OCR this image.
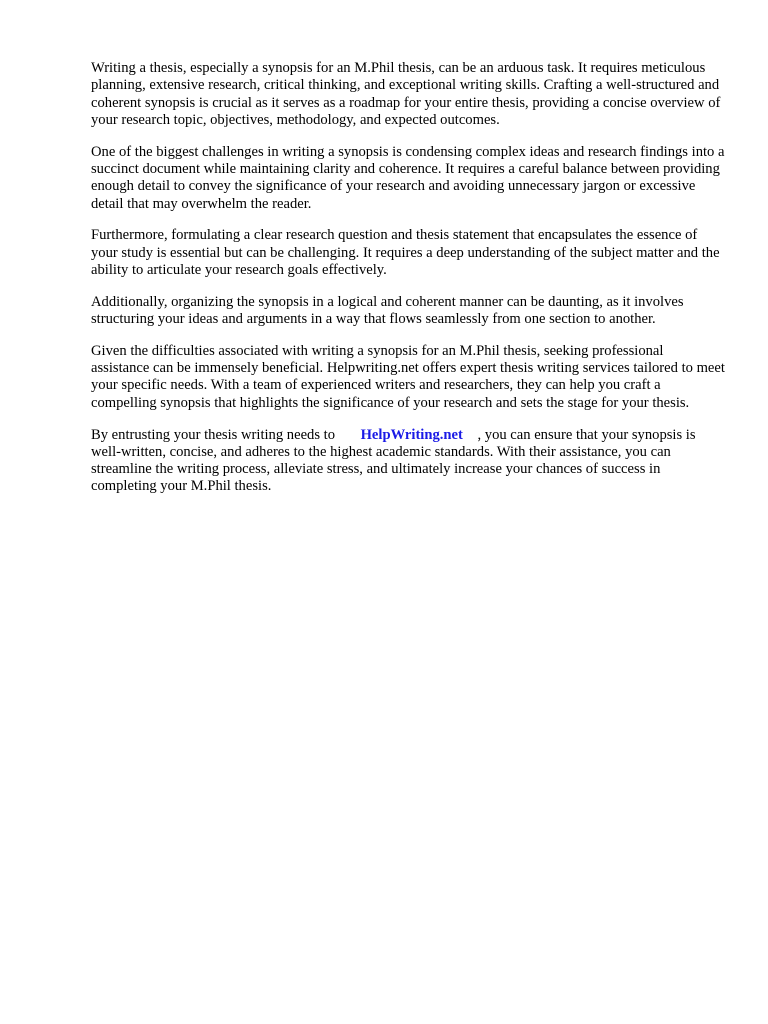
Writing a thesis, especially a synopsis for an M.Phil thesis, can be an arduous task. It requires meticulous planning, extensive research, critical thinking, and exceptional writing skills. Crafting a well-structured and coherent synopsis is crucial as it serves as a roadmap for your entire thesis, providing a concise overview of your research topic, objectives, methodology, and expected outcomes.

One of the biggest challenges in writing a synopsis is condensing complex ideas and research findings into a succinct document while maintaining clarity and coherence. It requires a careful balance between providing enough detail to convey the significance of your research and avoiding unnecessary jargon or excessive detail that may overwhelm the reader.

Furthermore, formulating a clear research question and thesis statement that encapsulates the essence of your study is essential but can be challenging. It requires a deep understanding of the subject matter and the ability to articulate your research goals effectively.

Additionally, organizing the synopsis in a logical and coherent manner can be daunting, as it involves structuring your ideas and arguments in a way that flows seamlessly from one section to another.

Given the difficulties associated with writing a synopsis for an M.Phil thesis, seeking professional assistance can be immensely beneficial. Helpwriting.net offers expert thesis writing services tailored to meet your specific needs. With a team of experienced writers and researchers, they can help you craft a compelling synopsis that highlights the significance of your research and sets the stage for your thesis.

By entrusting your thesis writing needs to HelpWriting.net , you can ensure that your synopsis is well-written, concise, and adheres to the highest academic standards. With their assistance, you can streamline the writing process, alleviate stress, and ultimately increase your chances of success in completing your M.Phil thesis.
